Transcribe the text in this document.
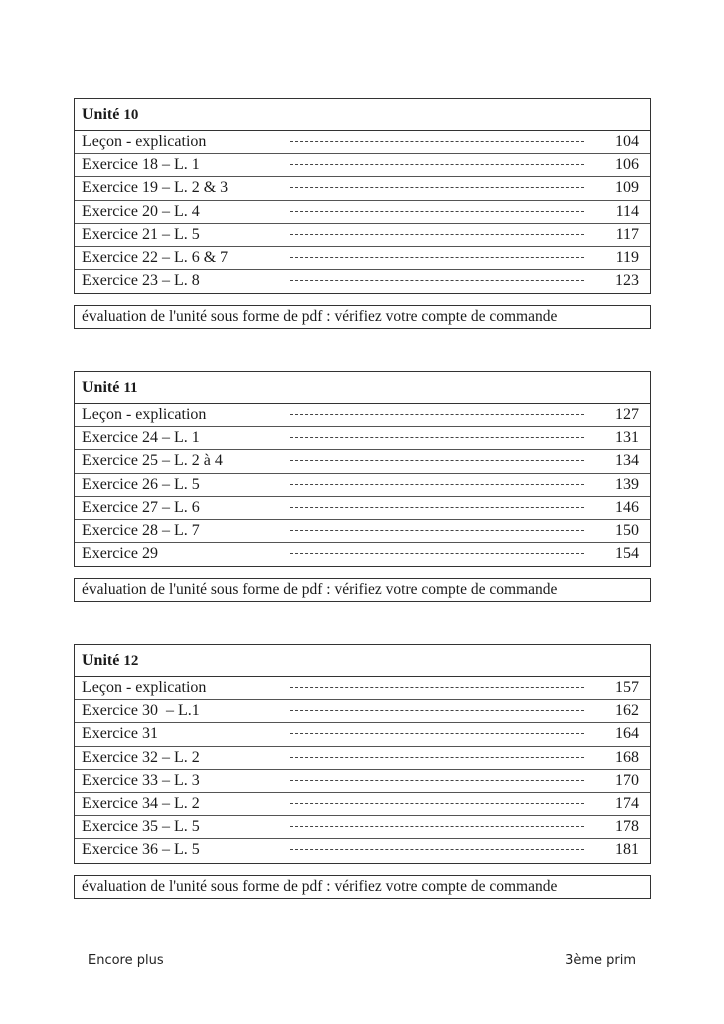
Unité 10
Leçon - explication	104
Exercice 18 – L. 1	106
Exercice 19 – L. 2 & 3	109
Exercice 20 – L. 4	114
Exercice 21 – L. 5	117
Exercice 22 – L. 6 & 7	119
Exercice 23 – L. 8	123
évaluation de l'unité sous forme de pdf : vérifiez votre compte de commande
Unité 11
Leçon - explication	127
Exercice 24 – L. 1	131
Exercice 25 – L. 2 à 4	134
Exercice 26 – L. 5	139
Exercice 27 – L. 6	146
Exercice 28 – L. 7	150
Exercice 29	154
évaluation de l'unité sous forme de pdf : vérifiez votre compte de commande
Unité 12
Leçon - explication	157
Exercice 30  – L.1	162
Exercice 31	164
Exercice 32 – L. 2	168
Exercice 33 – L. 3	170
Exercice 34 – L. 2	174
Exercice 35 – L. 5	178
Exercice 36 – L. 5	181
évaluation de l'unité sous forme de pdf : vérifiez votre compte de commande
Encore plus	3ème prim
